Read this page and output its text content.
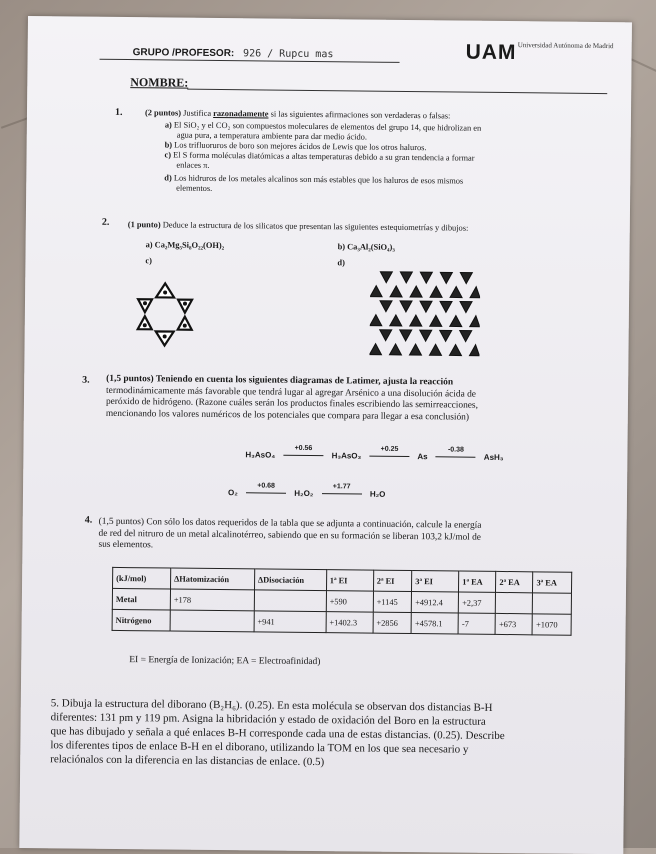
GRUPO /PROFESOR: 926 / Rupcu mas	UAM Universidad Autónoma de Madrid
NOMBRE:
1.	(2 puntos) Justifica razonadamente si las siguientes afirmaciones son verdaderas o falsas:
a) El SiO₂ y el CO₂ son compuestos moleculares de elementos del grupo 14, que hidrolizan en
agua pura, a temperatura ambiente para dar medio ácido.
b) Los trifluoruros de boro son mejores ácidos de Lewis que los otros haluros.
c) El S forma moléculas diatómicas a altas temperaturas debido a su gran tendencia a formar
enlaces π.
d) Los hidruros de los metales alcalinos son más estables que los haluros de esos mismos
elementos.
2. (1 punto) Deduce la estructura de los silicatos que presentan las siguientes estequiometrías y dibujos:
a) Ca₂Mg₅Si₈O₂₂(OH)₂	b) Ca₃Al₂(SiO₄)₃
c)	d)
3. (1,5 puntos) Teniendo en cuenta los siguientes diagramas de Latimer, ajusta la reacción
termodinámicamente más favorable que tendrá lugar al agregar Arsénico a una disolución ácida de
peróxido de hidrógeno. (Razone cuáles serán los productos finales escribiendo las semirreacciones,
mencionando los valores numéricos de los potenciales que compara para llegar a esa conclusión)
H₃AsO₄
+0.56
H₃AsO₃
+0.25
As
-0.38
AsH₃
O₂
+0.68
H₂O₂
+1.77
H₂O
4. (1,5 puntos) Con sólo los datos requeridos de la tabla que se adjunta a continuación, calcule la energía
de red del nitruro de un metal alcalinotérreo, sabiendo que en su formación se liberan 103,2 kJ/mol de
sus elementos.
(kJ/mol)	ΔHatomización	ΔDisociación	1ª EI	2ª EI	3ª EI	1ª EA	2ª EA	3ª EA
Metal	+178		+590	+1145	+4912.4	+2,37		
Nitrógeno		+941	+1402.3	+2856	+4578.1	-7	+673	+1070
EI = Energía de Ionización; EA = Electroafinidad)
5. Dibuja la estructura del diborano (B₂H₆). (0.25). En esta molécula se observan dos distancias B-H
diferentes: 131 pm y 119 pm. Asigna la hibridación y estado de oxidación del Boro en la estructura
que has dibujado y señala a qué enlaces B-H corresponde cada una de estas distancias. (0.25). Describe
los diferentes tipos de enlace B-H en el diborano, utilizando la TOM en los que sea necesario y
relaciónalos con la diferencia en las distancias de enlace. (0.5)
